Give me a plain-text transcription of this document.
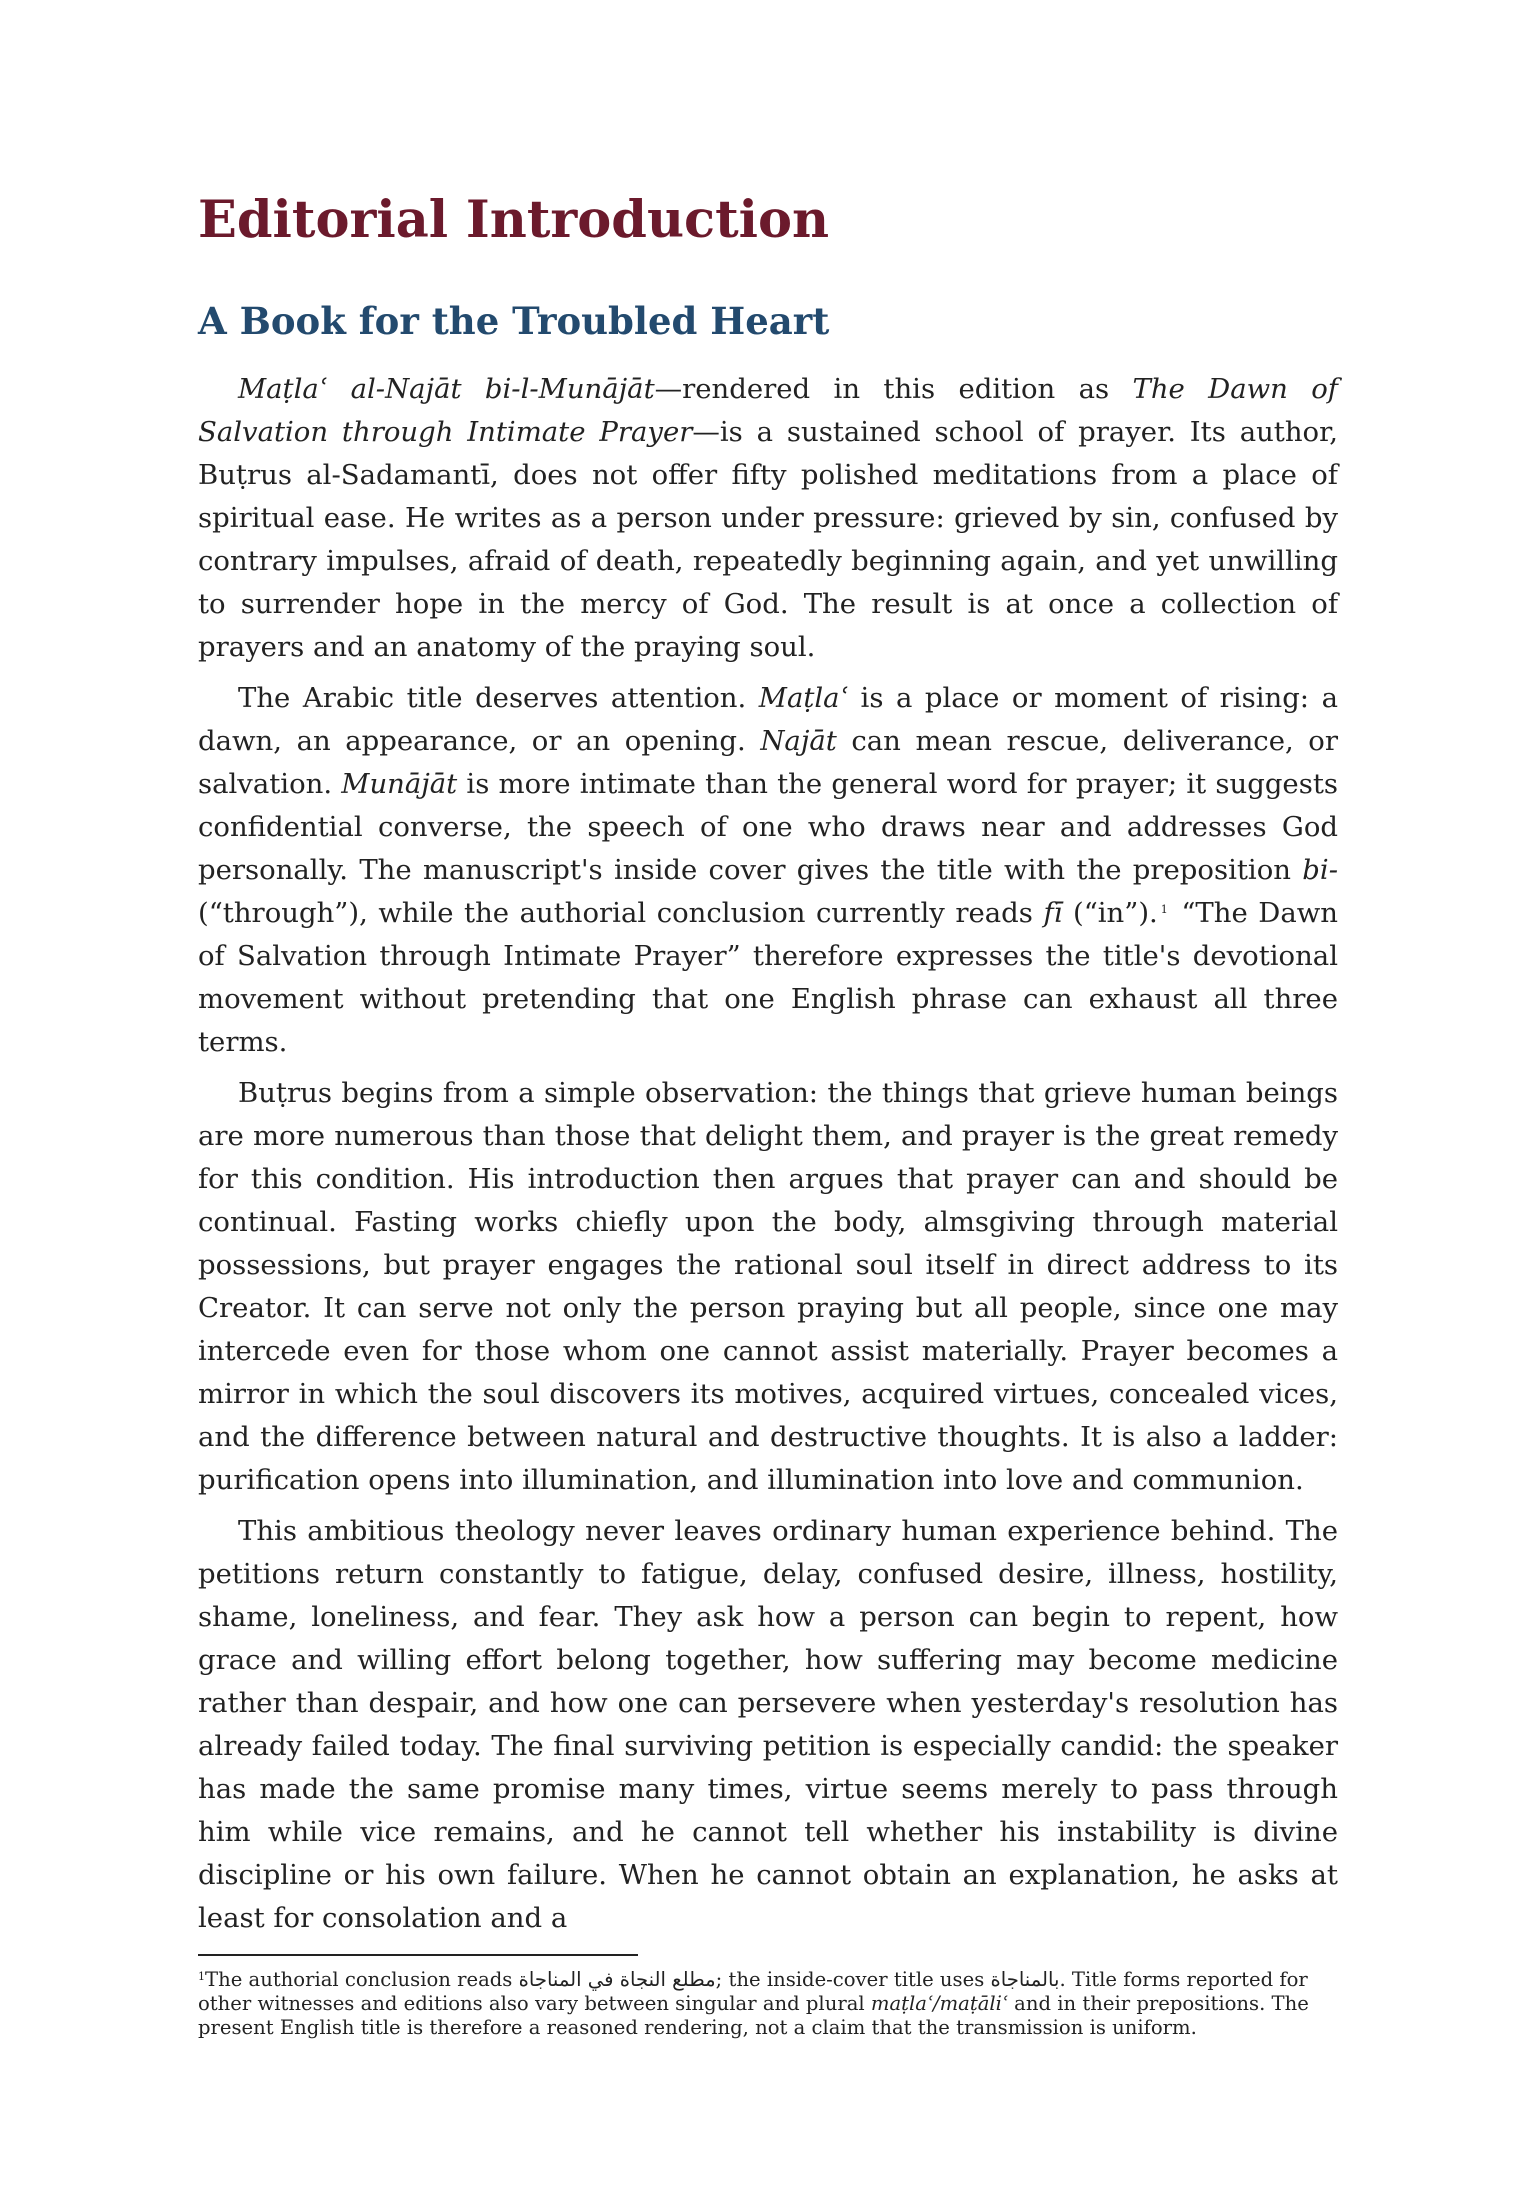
Editorial Introduction
A Book for the Troubled Heart

Maṭlaʿ al-Najāt bi-l-Munājāt—rendered in this edition as The Dawn of Salvation through Intimate Prayer—is a sustained school of prayer. Its author, Buṭrus al-Sadamantī, does not offer fifty polished meditations from a place of spiritual ease. He writes as a person under pressure: grieved by sin, confused by contrary impulses, afraid of death, repeatedly beginning again, and yet unwilling to surrender hope in the mercy of God. The result is at once a collection of prayers and an anatomy of the praying soul.

The Arabic title deserves attention. Maṭlaʿ is a place or moment of rising: a dawn, an appearance, or an opening. Najāt can mean rescue, deliverance, or salvation. Munājāt is more intimate than the general word for prayer; it suggests confidential converse, the speech of one who draws near and addresses God personally. The manuscript's inside cover gives the title with the preposition bi- (“through”), while the authorial conclusion currently reads fī (“in”). $^1$ “The Dawn of Salvation through Intimate Prayer” therefore expresses the title's devotional movement without pretending that one English phrase can exhaust all three terms.

Buṭrus begins from a simple observation: the things that grieve human beings are more numerous than those that delight them, and prayer is the great remedy for this condition. His introduction then argues that prayer can and should be continual. Fasting works chiefly upon the body, almsgiving through material possessions, but prayer engages the rational soul itself in direct address to its Creator. It can serve not only the person praying but all people, since one may intercede even for those whom one cannot assist materially. Prayer becomes a mirror in which the soul discovers its motives, acquired virtues, concealed vices, and the difference between natural and destructive thoughts. It is also a ladder: purification opens into illumination, and illumination into love and communion.

This ambitious theology never leaves ordinary human experience behind. The petitions return constantly to fatigue, delay, confused desire, illness, hostility, shame, loneliness, and fear. They ask how a person can begin to repent, how grace and willing effort belong together, how suffering may become medicine rather than despair, and how one can persevere when yesterday's resolution has already failed today. The final surviving petition is especially candid: the speaker has made the same promise many times, virtue seems merely to pass through him while vice remains, and he cannot tell whether his instability is divine discipline or his own failure. When he cannot obtain an explanation, he asks at least for consolation and a

$^1$The authorial conclusion reads مطلع النجاة في المناجاة; the inside-cover title uses بالمناجاة. Title forms reported for other witnesses and editions also vary between singular and plural maṭlaʿ/maṭāliʿ and in their prepositions. The present English title is therefore a reasoned rendering, not a claim that the transmission is uniform.
